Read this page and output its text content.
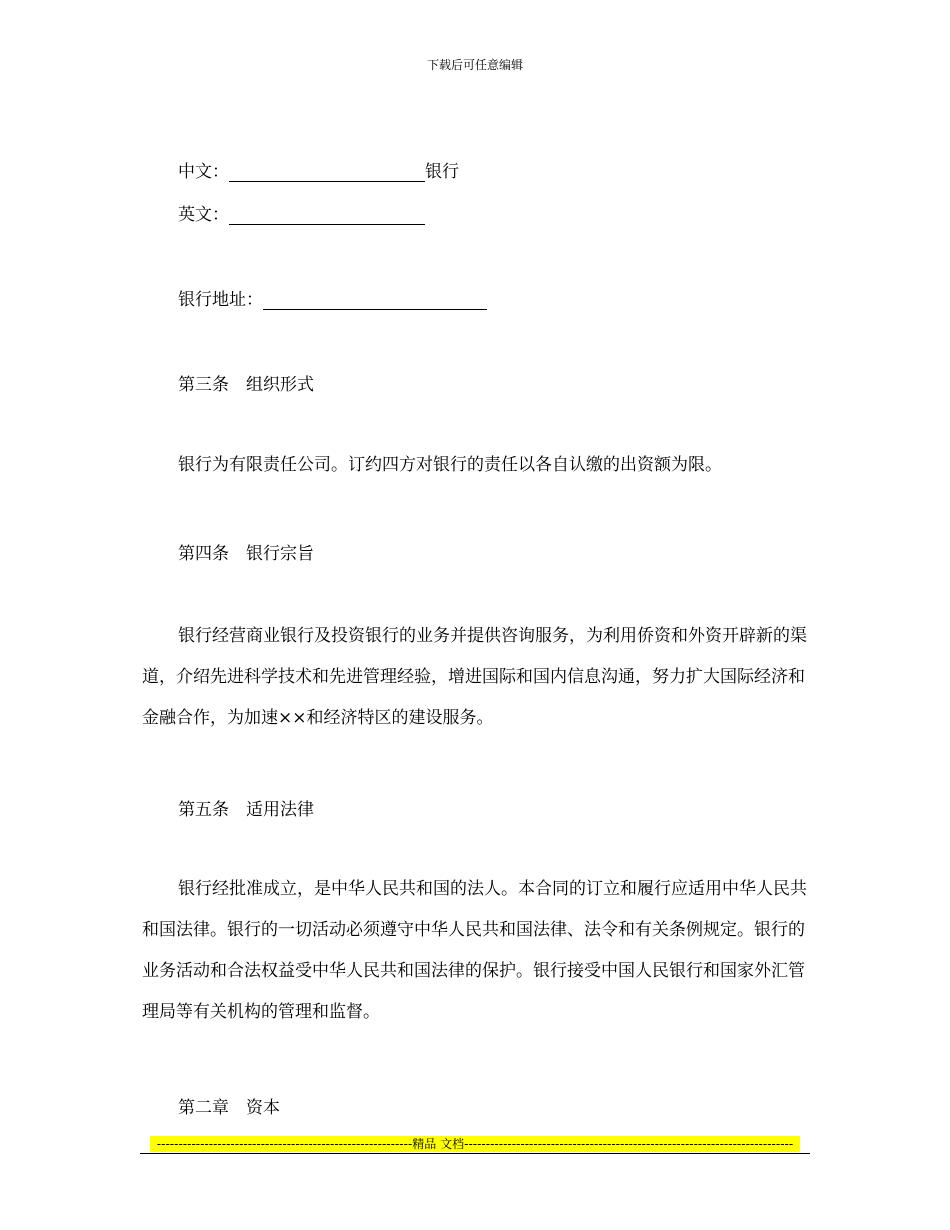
下载后可任意编辑
中文：	银行
英文：
银行地址：
第三条　组织形式
银行为有限责任公司。订约四方对银行的责任以各自认缴的出资额为限。
第四条　银行宗旨
银行经营商业银行及投资银行的业务并提供咨询服务，为利用侨资和外资开辟新的渠道，介绍先进科学技术和先进管理经验，增进国际和国内信息沟通，努力扩大国际经济和金融合作，为加速××和经济特区的建设服务。
第五条　适用法律
银行经批准成立，是中华人民共和国的法人。本合同的订立和履行应适用中华人民共和国法律。银行的一切活动必须遵守中华人民共和国法律、法令和有关条例规定。银行的业务活动和合法权益受中华人民共和国法律的保护。银行接受中国人民银行和国家外汇管理局等有关机构的管理和监督。
第二章　资本
-----------------------------------------------------------精品 文档----------------------------------------------------------------------------
